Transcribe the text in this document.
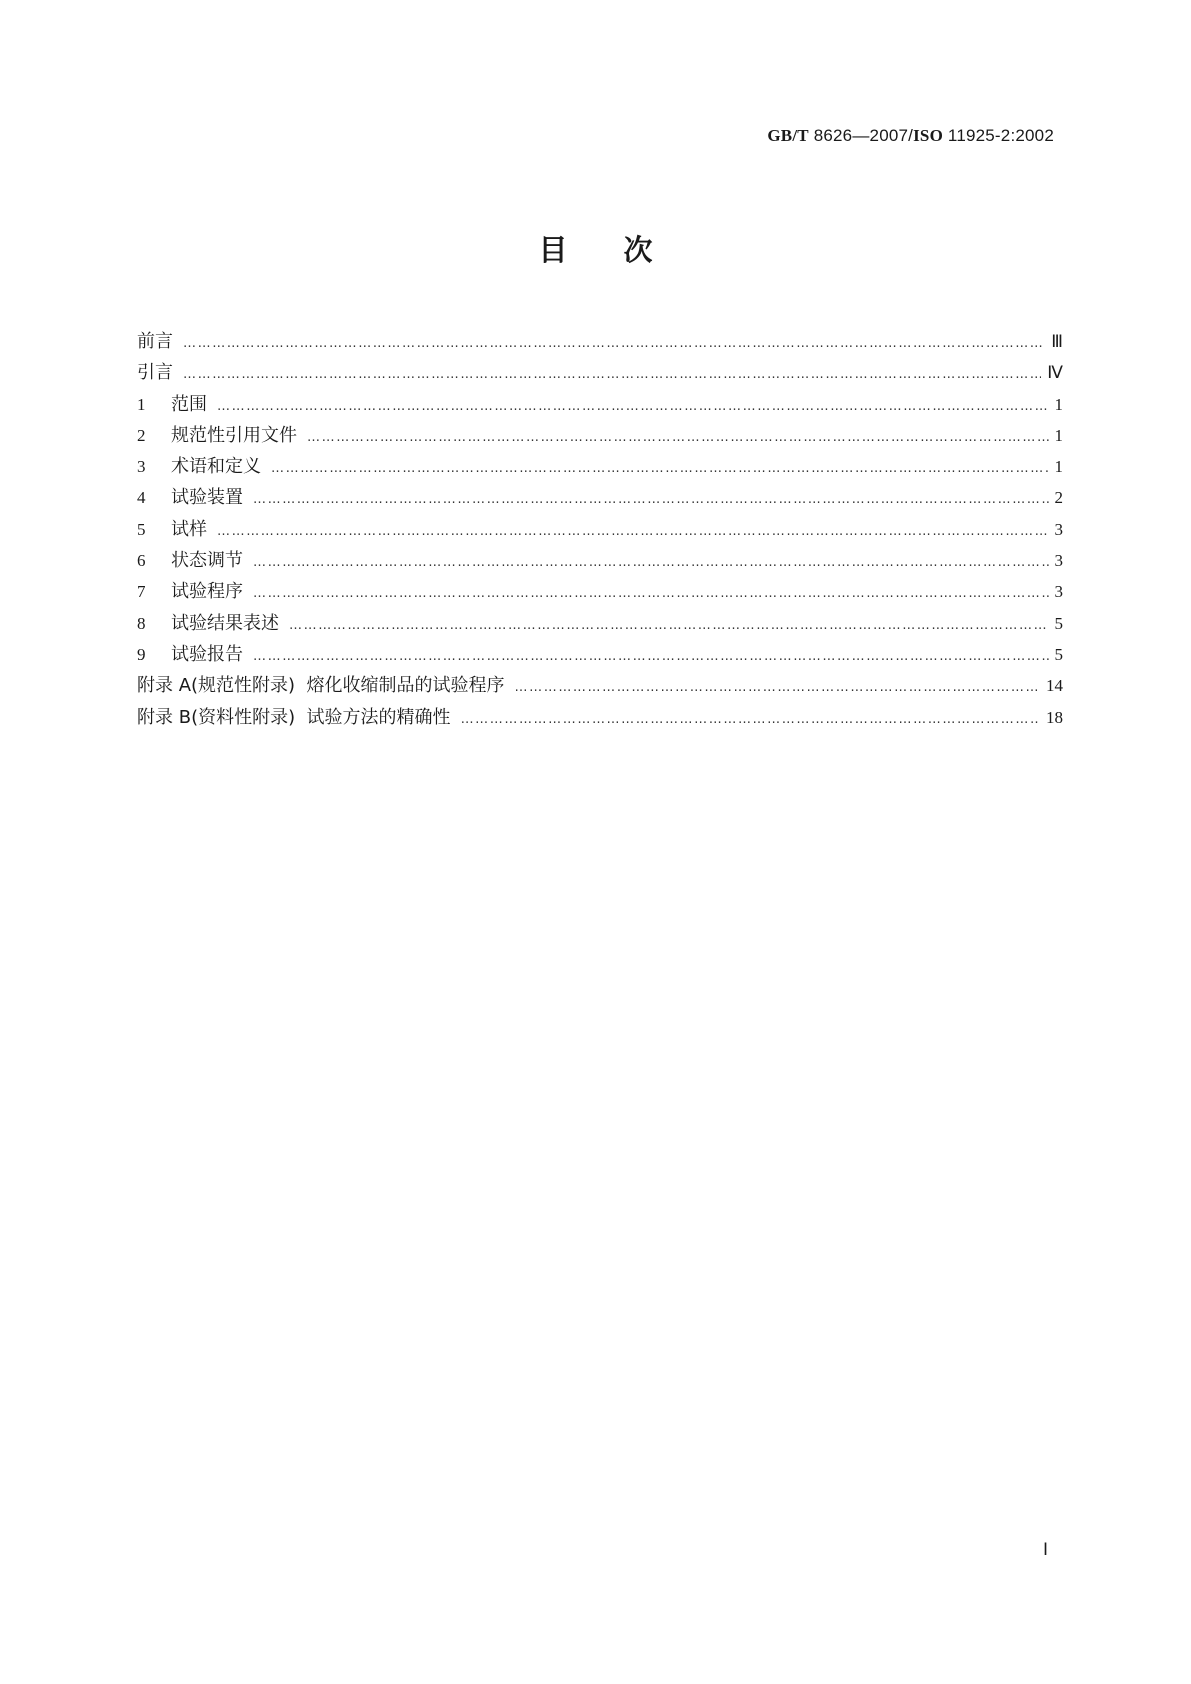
GB/T 8626—2007/ISO 11925-2:2002
目次
前言 …………………………………………………………………………………………………………………………………………………………………………………………………………………………………………………………	Ⅲ
引言 …………………………………………………………………………………………………………………………………………………………………………………………………………………………………………………………	Ⅳ
1	范围 …………………………………………………………………………………………………………………………………………………………………………………………………………………………………………………………	1
2	规范性引用文件 …………………………………………………………………………………………………………………………………………………………………………………………………………………………………………………………	1
3	术语和定义 …………………………………………………………………………………………………………………………………………………………………………………………………………………………………………………………	1
4	试验装置 …………………………………………………………………………………………………………………………………………………………………………………………………………………………………………………………	2
5	试样 …………………………………………………………………………………………………………………………………………………………………………………………………………………………………………………………	3
6	状态调节 …………………………………………………………………………………………………………………………………………………………………………………………………………………………………………………………	3
7	试验程序 …………………………………………………………………………………………………………………………………………………………………………………………………………………………………………………………	3
8	试验结果表述 …………………………………………………………………………………………………………………………………………………………………………………………………………………………………………………………	5
9	试验报告 …………………………………………………………………………………………………………………………………………………………………………………………………………………………………………………………	5
附录 A(规范性附录)  熔化收缩制品的试验程序 …………………………………………………………………………………………………………………………………………………………………………………………………………………………………………………………	14
附录 B(资料性附录)  试验方法的精确性 …………………………………………………………………………………………………………………………………………………………………………………………………………………………………………………………	18
Ⅰ
